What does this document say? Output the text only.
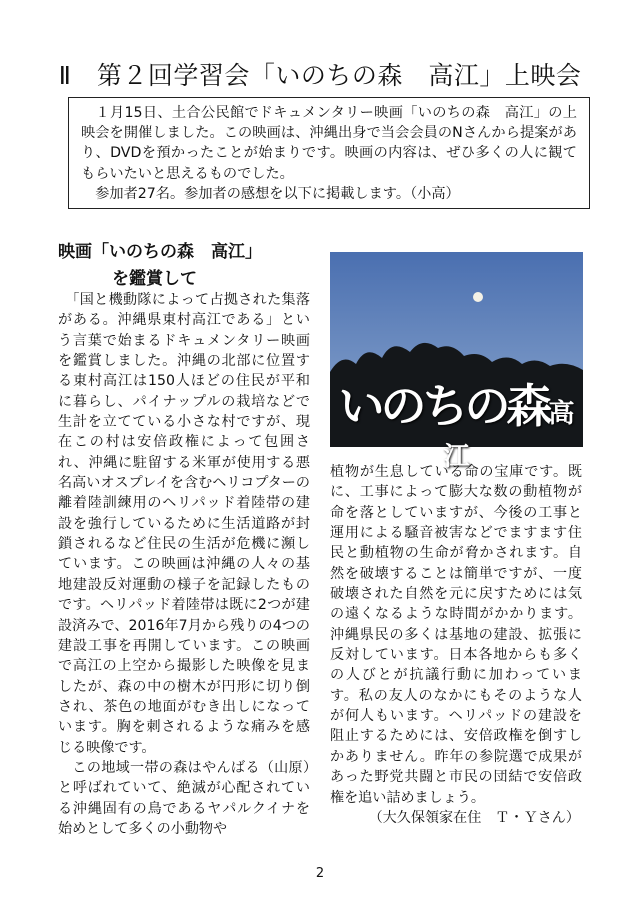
Ⅱ　第２回学習会「いのちの森　高江」上映会

　１月15日、土合公民館でドキュメンタリー映画「いのちの森　高江」の上映会を開催しました。この映画は、沖縄出身で当会会員のNさんから提案があり、DVDを預かったことが始まりです。映画の内容は、ぜひ多くの人に観てもらいたいと思えるものでした。

　参加者27名。参加者の感想を以下に掲載します。（小高）

映画「いのちの森　高江」
を鑑賞して

　「国と機動隊によって占拠された集落がある。沖縄県東村高江である」という言葉で始まるドキュメンタリー映画を鑑賞しました。沖縄の北部に位置する東村高江は150人ほどの住民が平和に暮らし、パイナップルの栽培などで生計を立てている小さな村ですが、現在この村は安倍政権によって包囲され、沖縄に駐留する米軍が使用する悪名高いオスプレイを含むヘリコプターの離着陸訓練用のヘリパッド着陸帯の建設を強行しているために生活道路が封鎖されるなど住民の生活が危機に瀕しています。この映画は沖縄の人々の基地建設反対運動の様子を記録したものです。ヘリパッド着陸帯は既に2つが建設済みで、2016年7月から残りの4つの建設工事を再開しています。この映画で高江の上空から撮影した映像を見ましたが、森の中の樹木が円形に切り倒され、茶色の地面がむき出しになっています。胸を刺されるような痛みを感じる映像です。

　この地域一帯の森はやんばる（山原）と呼ばれていて、絶滅が心配されている沖縄固有の鳥であるヤパルクイナを始めとして多くの小動物や

いのちの森高江

植物が生息している命の宝庫です。既に、工事によって膨大な数の動植物が命を落としていますが、今後の工事と運用による騒音被害などでますます住民と動植物の生命が脅かされます。自然を破壊することは簡単ですが、一度破壊された自然を元に戻すためには気の遠くなるような時間がかかります。沖縄県民の多くは基地の建設、拡張に反対しています。日本各地からも多くの人びとが抗議行動に加わっています。私の友人のなかにもそのような人が何人もいます。ヘリパッドの建設を阻止するためには、安倍政権を倒すしかありません。昨年の参院選で成果があった野党共闘と市民の団結で安倍政権を追い詰めましょう。

（大久保領家在住　Ｔ・Ｙさん）

2
